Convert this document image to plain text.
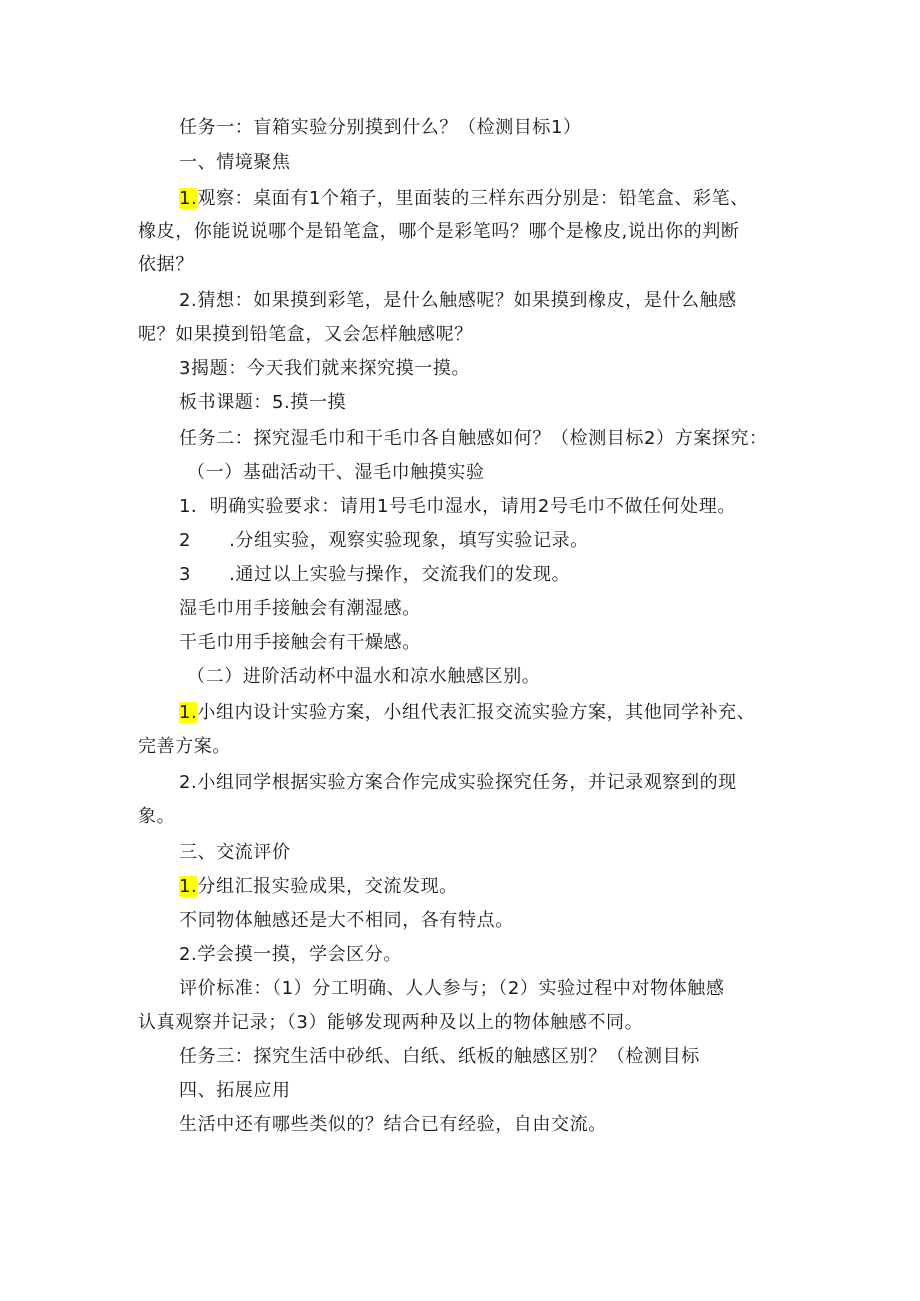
任务一：盲箱实验分别摸到什么？（检测目标1）

一、情境聚焦

1.观察：桌面有1个箱子，里面装的三样东西分别是：铅笔盒、彩笔、

橡皮，你能说说哪个是铅笔盒，哪个是彩笔吗？哪个是橡皮,说出你的判断

依据？

2.猜想：如果摸到彩笔，是什么触感呢？如果摸到橡皮，是什么触感

呢？如果摸到铅笔盒，又会怎样触感呢？

3揭题：今天我们就来探究摸一摸。

板书课题：5.摸一摸

任务二：探究湿毛巾和干毛巾各自触感如何？（检测目标2）方案探究：

（一）基础活动干、湿毛巾触摸实验

1．明确实验要求：请用1号毛巾湿水，请用2号毛巾不做任何处理。

2 .分组实验，观察实验现象，填写实验记录。

3 .通过以上实验与操作，交流我们的发现。

湿毛巾用手接触会有潮湿感。

干毛巾用手接触会有干燥感。

（二）进阶活动杯中温水和凉水触感区别。

1.小组内设计实验方案，小组代表汇报交流实验方案，其他同学补充、

完善方案。

2.小组同学根据实验方案合作完成实验探究任务，并记录观察到的现

象。

三、交流评价

1.分组汇报实验成果，交流发现。

不同物体触感还是大不相同，各有特点。

2.学会摸一摸，学会区分。

评价标准：（1）分工明确、人人参与；（2）实验过程中对物体触感

认真观察并记录；（3）能够发现两种及以上的物体触感不同。

任务三：探究生活中砂纸、白纸、纸板的触感区别？（检测目标

四、拓展应用

生活中还有哪些类似的？结合已有经验，自由交流。
